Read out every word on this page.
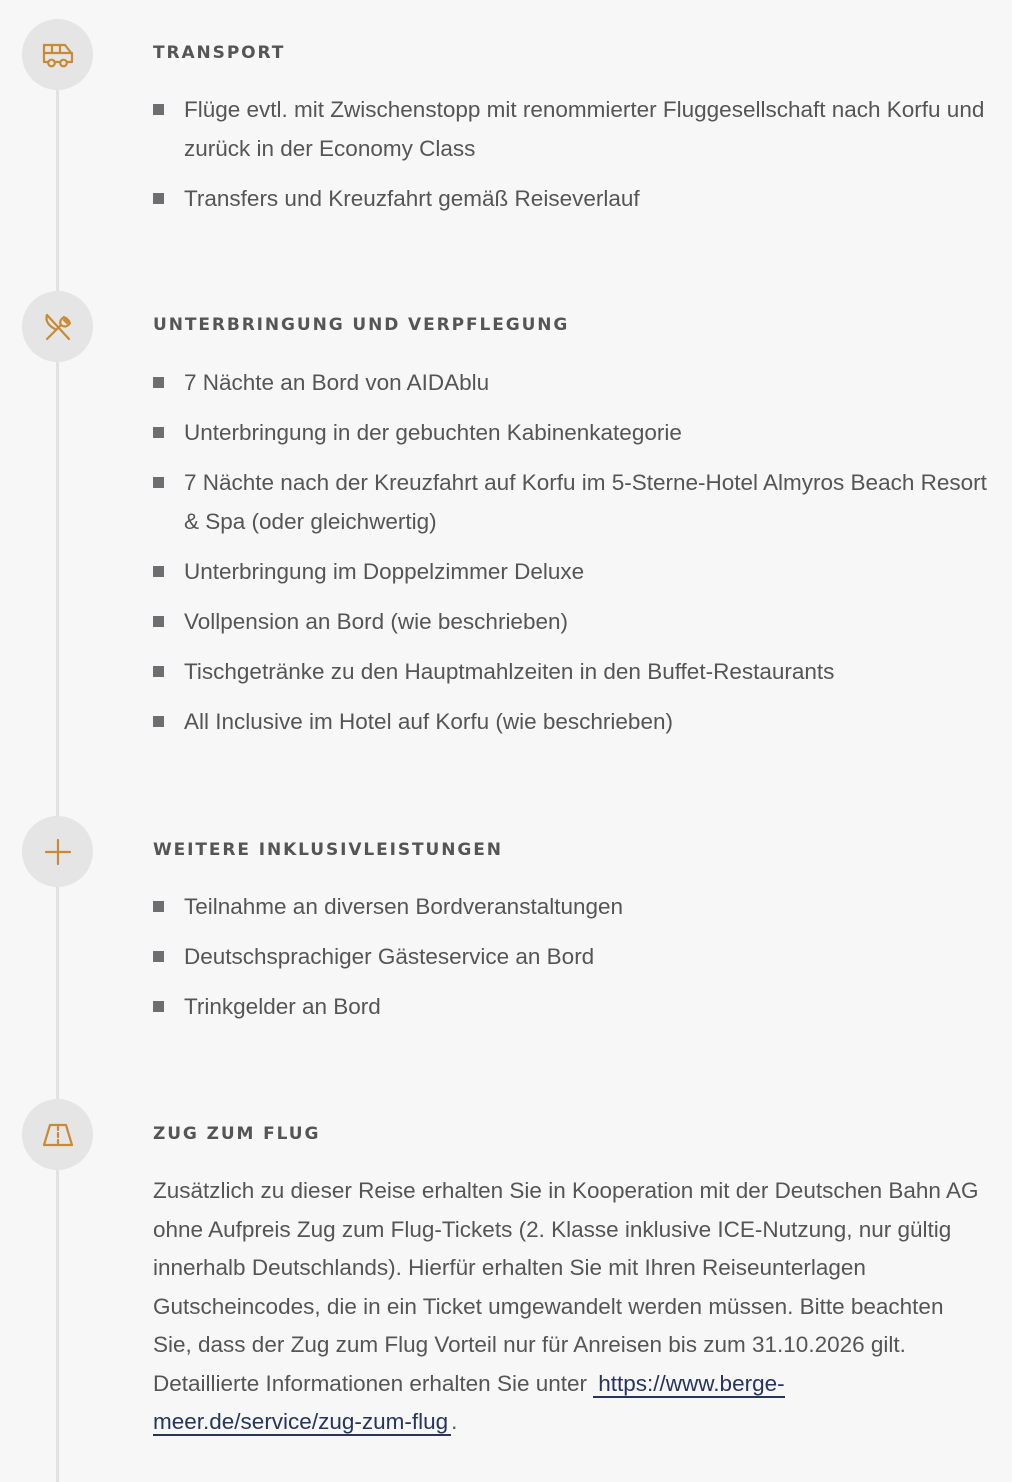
TRANSPORT
Flüge evtl. mit Zwischenstopp mit renommierter Fluggesellschaft nach Korfu und zurück in der Economy Class
Transfers und Kreuzfahrt gemäß Reiseverlauf
UNTERBRINGUNG UND VERPFLEGUNG
7 Nächte an Bord von AIDAblu
Unterbringung in der gebuchten Kabinenkategorie
7 Nächte nach der Kreuzfahrt auf Korfu im 5-Sterne-Hotel Almyros Beach Resort & Spa (oder gleichwertig)
Unterbringung im Doppelzimmer Deluxe
Vollpension an Bord (wie beschrieben)
Tischgetränke zu den Hauptmahlzeiten in den Buffet-Restaurants
All Inclusive im Hotel auf Korfu (wie beschrieben)
WEITERE INKLUSIVLEISTUNGEN
Teilnahme an diversen Bordveranstaltungen
Deutschsprachiger Gästeservice an Bord
Trinkgelder an Bord
ZUG ZUM FLUG

Zusätzlich zu dieser Reise erhalten Sie in Kooperation mit der Deutschen Bahn AG ohne Aufpreis Zug zum Flug-Tickets (2. Klasse inklusive ICE-Nutzung, nur gültig innerhalb Deutschlands). Hierfür erhalten Sie mit Ihren Reiseunterlagen Gutscheincodes, die in ein Ticket umgewandelt werden müssen. Bitte beachten Sie, dass der Zug zum Flug Vorteil nur für Anreisen bis zum 31.10.2026 gilt. Detaillierte Informationen erhalten Sie unter https://www.berge-meer.de/service/zug-zum-flug .
